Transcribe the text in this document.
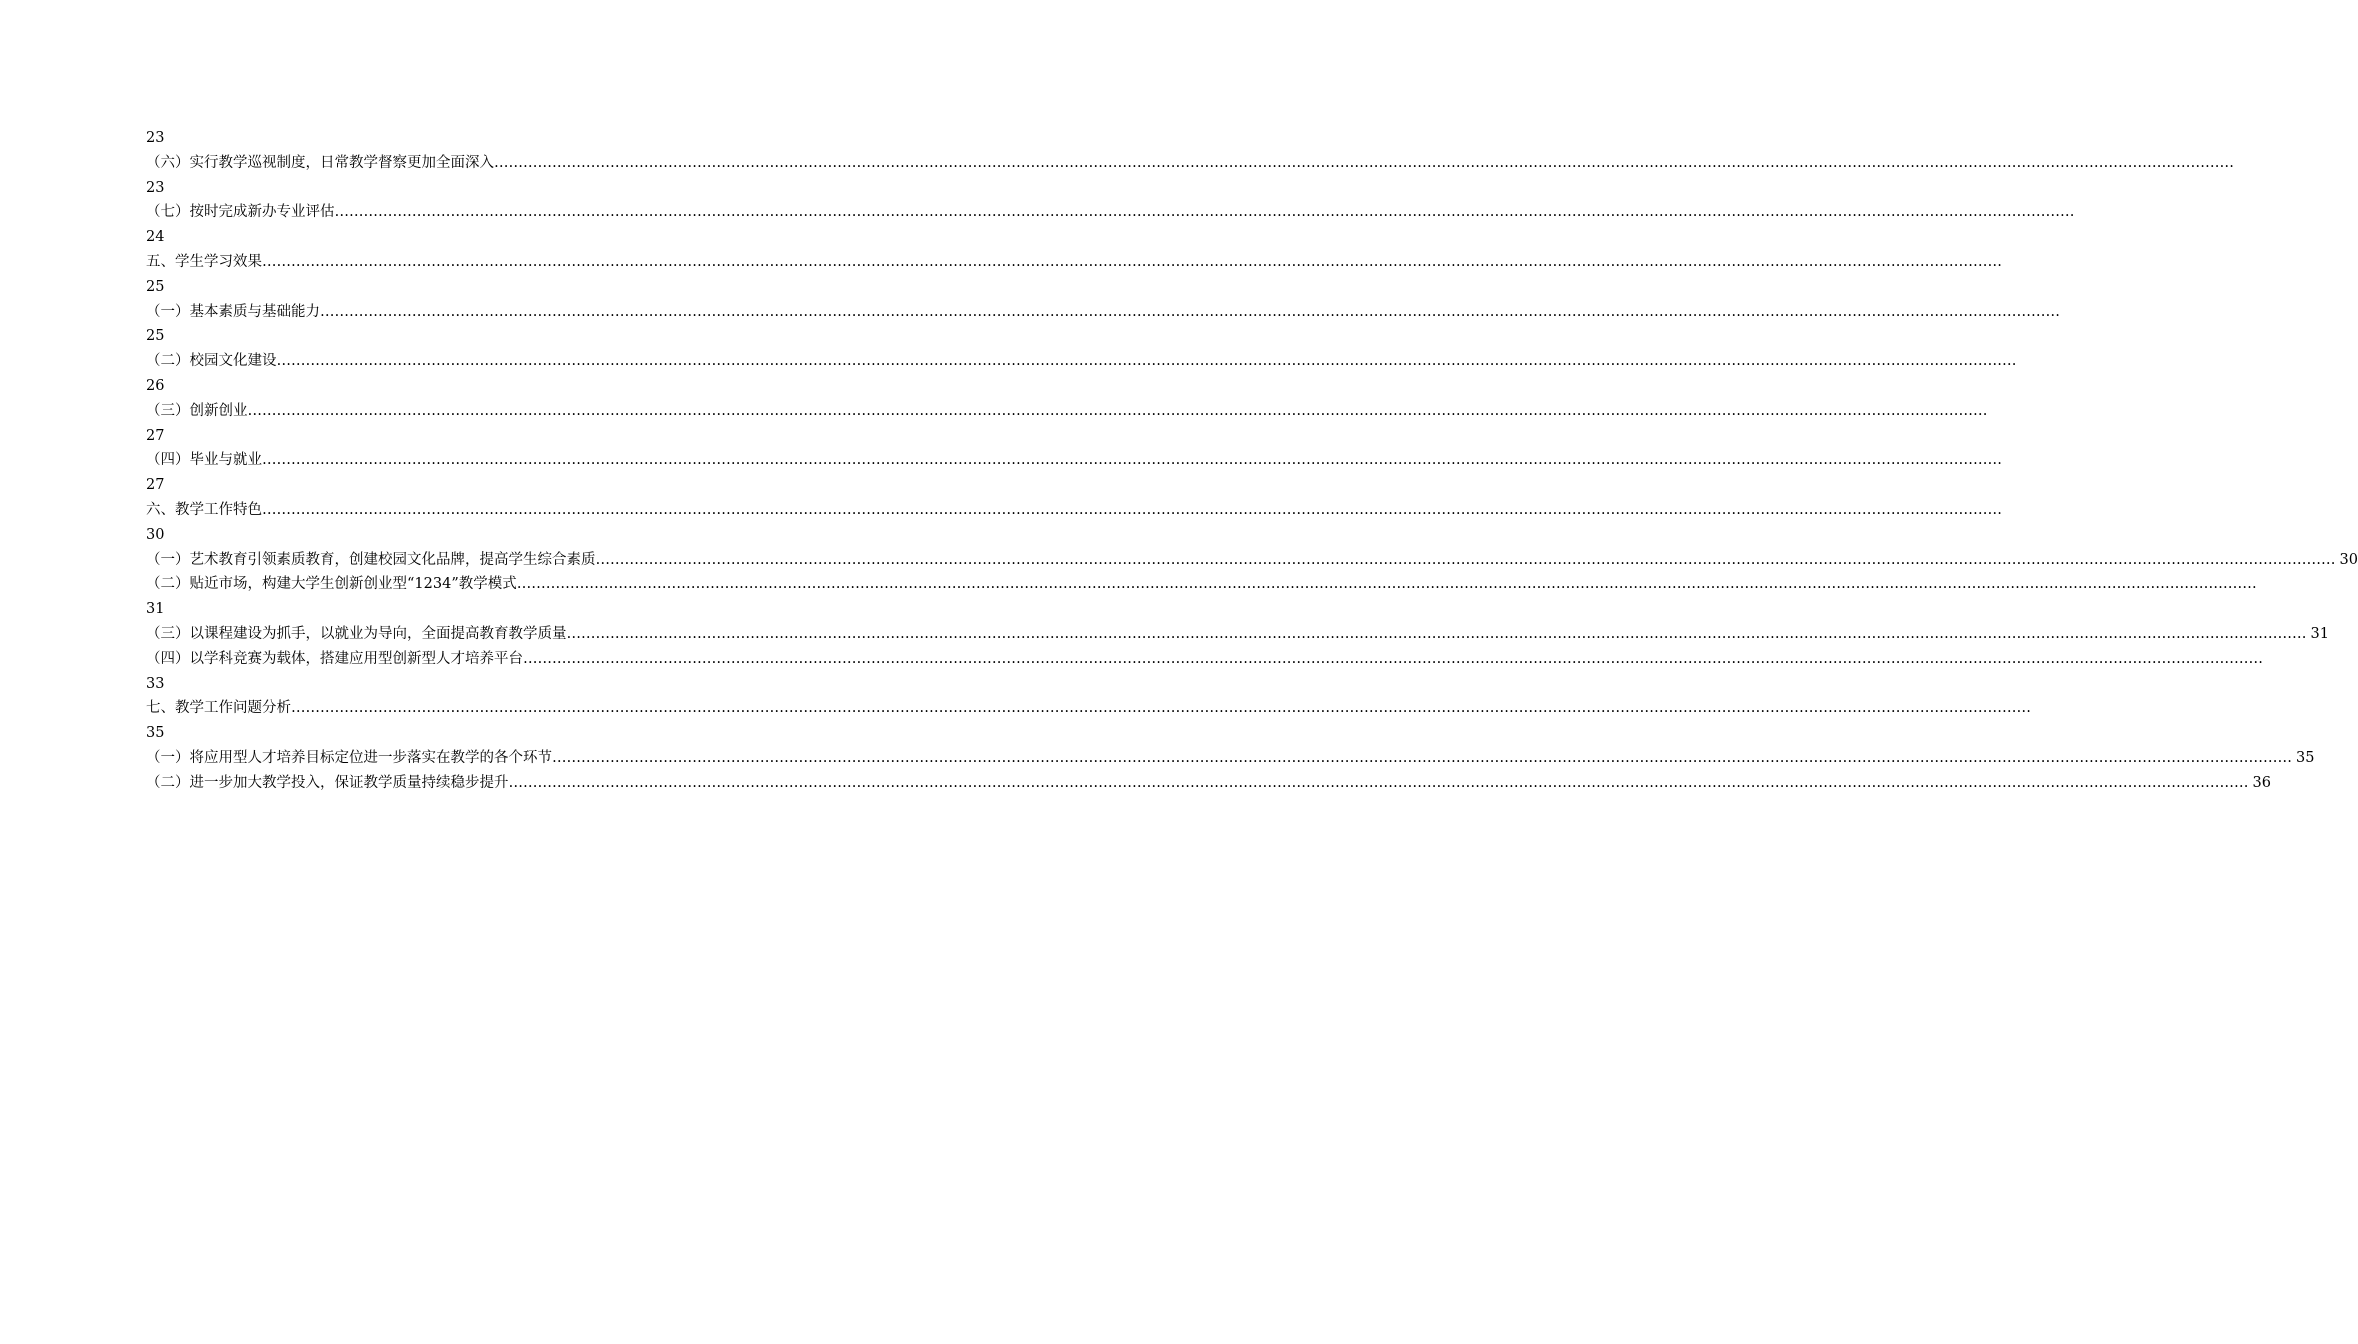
23
（六）实行教学巡视制度，日常教学督察更加全面深入 ………………………………………………………………………………………………………………………………………………………………………………………………………………………………………………………………………………………………………………………………
23
（七）按时完成新办专业评估 ………………………………………………………………………………………………………………………………………………………………………………………………………………………………………………………………………………………………………………………………
24
五、学生学习效果 ………………………………………………………………………………………………………………………………………………………………………………………………………………………………………………………………………………………………………………………………
25
（一）基本素质与基础能力 ………………………………………………………………………………………………………………………………………………………………………………………………………………………………………………………………………………………………………………………………
25
（二）校园文化建设 ………………………………………………………………………………………………………………………………………………………………………………………………………………………………………………………………………………………………………………………………
26
（三）创新创业 ………………………………………………………………………………………………………………………………………………………………………………………………………………………………………………………………………………………………………………………………
27
（四）毕业与就业 ………………………………………………………………………………………………………………………………………………………………………………………………………………………………………………………………………………………………………………………………
27
六、教学工作特色 ………………………………………………………………………………………………………………………………………………………………………………………………………………………………………………………………………………………………………………………………
30
（一）艺术教育引领素质教育，创建校园文化品牌，提高学生综合素质 ……………………………………………………………………………………………………………………………………………………………………………………………………………………………………………………………………………………………………………………………… 30
（二）贴近市场，构建大学生创新创业型“1234”教学模式 ………………………………………………………………………………………………………………………………………………………………………………………………………………………………………………………………………………………………………………………………
31
（三）以课程建设为抓手，以就业为导向，全面提高教育教学质量 ……………………………………………………………………………………………………………………………………………………………………………………………………………………………………………………………………………………………………………………………… 31
（四）以学科竞赛为载体，搭建应用型创新型人才培养平台 ………………………………………………………………………………………………………………………………………………………………………………………………………………………………………………………………………………………………………………………………
33
七、教学工作问题分析 ………………………………………………………………………………………………………………………………………………………………………………………………………………………………………………………………………………………………………………………………
35
（一）将应用型人才培养目标定位进一步落实在教学的各个环节 ……………………………………………………………………………………………………………………………………………………………………………………………………………………………………………………………………………………………………………………………… 35
（二）进一步加大教学投入，保证教学质量持续稳步提升 ……………………………………………………………………………………………………………………………………………………………………………………………………………………………………………………………………………………………………………………………… 36
